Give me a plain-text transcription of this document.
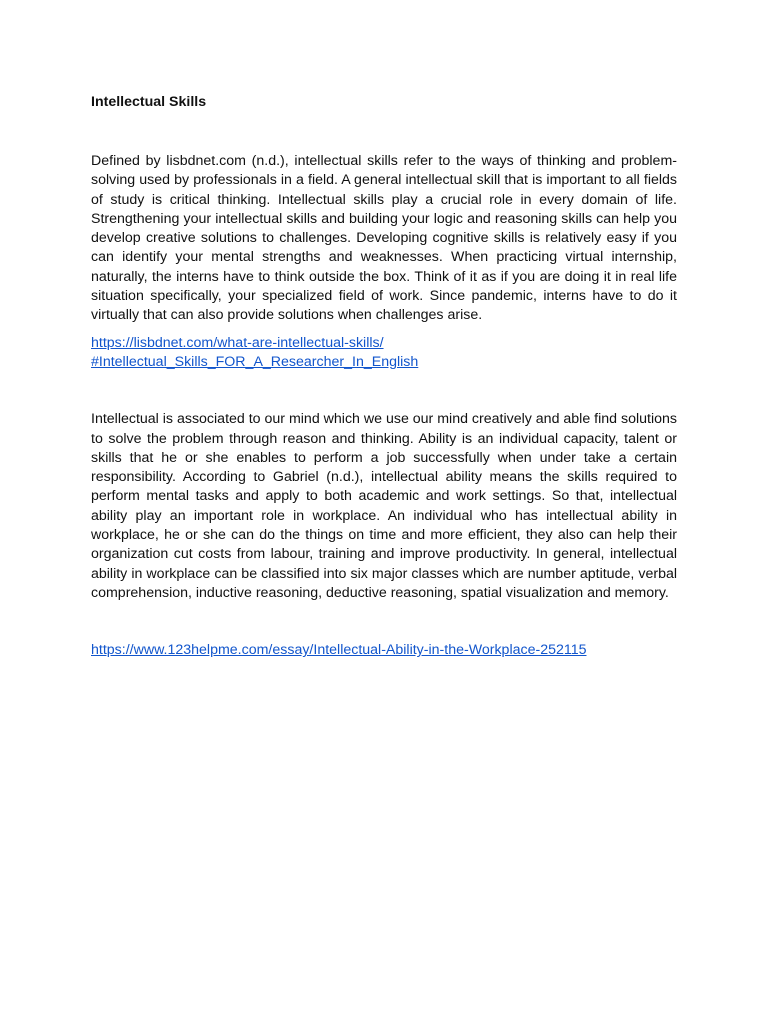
Intellectual Skills

Defined by lisbdnet.com (n.d.), intellectual skills refer to the ways of thinking and problem-solving used by professionals in a field. A general intellectual skill that is important to all fields of study is critical thinking. Intellectual skills play a crucial role in every domain of life. Strengthening your intellectual skills and building your logic and reasoning skills can help you develop creative solutions to challenges. Developing cognitive skills is relatively easy if you can identify your mental strengths and weaknesses. When practicing virtual internship, naturally, the interns have to think outside the box. Think of it as if you are doing it in real life situation specifically, your specialized field of work. Since pandemic, interns have to do it virtually that can also provide solutions when challenges arise.

https://lisbdnet.com/what-are-intellectual-skills/
#Intellectual_Skills_FOR_A_Researcher_In_English

Intellectual is associated to our mind which we use our mind creatively and able find solutions to solve the problem through reason and thinking. Ability is an individual capacity, talent or skills that he or she enables to perform a job successfully when under take a certain responsibility. According to Gabriel (n.d.), intellectual ability means the skills required to perform mental tasks and apply to both academic and work settings. So that, intellectual ability play an important role in workplace. An individual who has intellectual ability in workplace, he or she can do the things on time and more efficient, they also can help their organization cut costs from labour, training and improve productivity. In general, intellectual ability in workplace can be classified into six major classes which are number aptitude, verbal comprehension, inductive reasoning, deductive reasoning, spatial visualization and memory.

https://www.123helpme.com/essay/Intellectual-Ability-in-the-Workplace-252115
